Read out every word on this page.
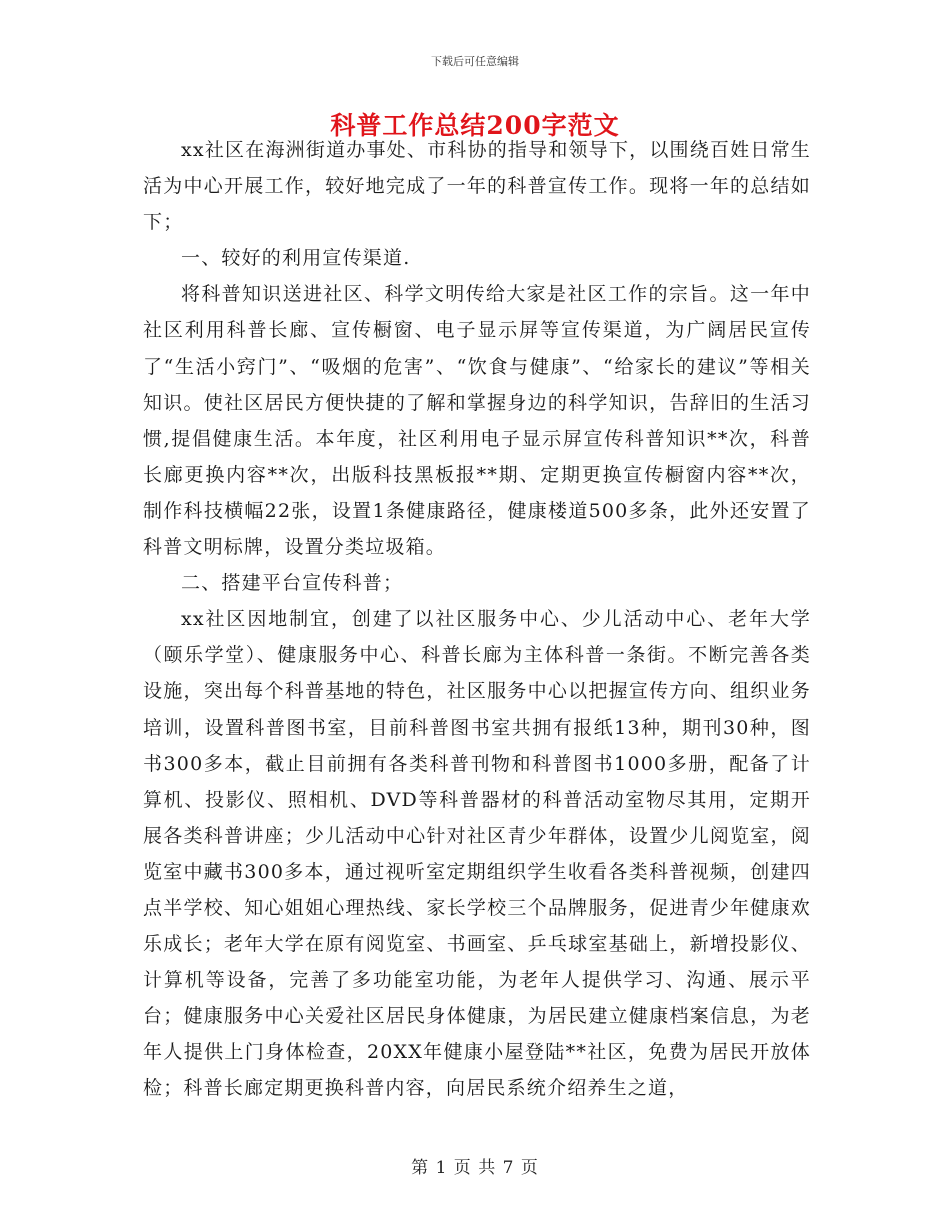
下载后可任意编辑
科普工作总结200字范文

xx社区在海洲街道办事处、市科协的指导和领导下，以围绕百姓日常生活为中心开展工作，较好地完成了一年的科普宣传工作。现将一年的总结如下；

一、较好的利用宣传渠道.

将科普知识送进社区、科学文明传给大家是社区工作的宗旨。这一年中社区利用科普长廊、宣传橱窗、电子显示屏等宣传渠道，为广阔居民宣传了“生活小窍门”、“吸烟的危害”、“饮食与健康”、“给家长的建议”等相关知识。使社区居民方便快捷的了解和掌握身边的科学知识，告辞旧的生活习惯,提倡健康生活。本年度，社区利用电子显示屏宣传科普知识**次，科普长廊更换内容**次，出版科技黑板报**期、定期更换宣传橱窗内容**次，制作科技横幅22张，设置1条健康路径，健康楼道500多条，此外还安置了科普文明标牌，设置分类垃圾箱。

二、搭建平台宣传科普；

xx社区因地制宜，创建了以社区服务中心、少儿活动中心、老年大学（颐乐学堂）、健康服务中心、科普长廊为主体科普一条街。不断完善各类设施，突出每个科普基地的特色，社区服务中心以把握宣传方向、组织业务培训，设置科普图书室，目前科普图书室共拥有报纸13种，期刊30种，图书300多本，截止目前拥有各类科普刊物和科普图书1000多册，配备了计算机、投影仪、照相机、DVD等科普器材的科普活动室物尽其用，定期开展各类科普讲座；少儿活动中心针对社区青少年群体，设置少儿阅览室，阅览室中藏书300多本，通过视听室定期组织学生收看各类科普视频，创建四点半学校、知心姐姐心理热线、家长学校三个品牌服务，促进青少年健康欢乐成长；老年大学在原有阅览室、书画室、乒乓球室基础上，新增投影仪、计算机等设备，完善了多功能室功能，为老年人提供学习、沟通、展示平台；健康服务中心关爱社区居民身体健康，为居民建立健康档案信息，为老年人提供上门身体检查，20XX年健康小屋登陆**社区，免费为居民开放体检；科普长廊定期更换科普内容，向居民系统介绍养生之道，

第 1 页 共 7 页
